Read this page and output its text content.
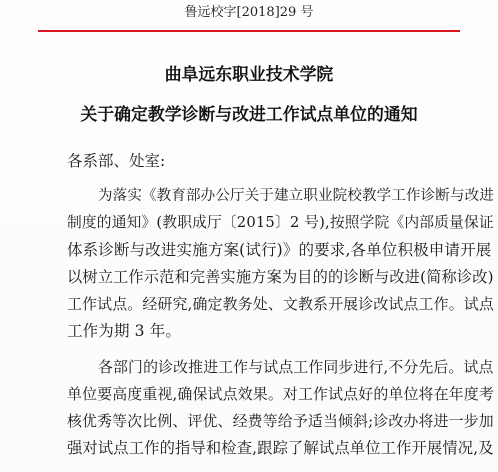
鲁远校字[2018]29 号
曲阜远东职业技术学院
关于确定教学诊断与改进工作试点单位的通知
各系部、处室:
为落实《教育部办公厅关于建立职业院校教学工作诊断与改进
制度的通知》(教职成厅〔2015〕2 号),按照学院《内部质量保证
体系诊断与改进实施方案(试行)》的要求,各单位积极申请开展
以树立工作示范和完善实施方案为目的的诊断与改进(简称诊改)
工作试点。经研究,确定教务处、文教系开展诊改试点工作。试点
工作为期 3 年。
各部门的诊改推进工作与试点工作同步进行,不分先后。试点
单位要高度重视,确保试点效果。对工作试点好的单位将在年度考
核优秀等次比例、评优、经费等给予适当倾斜;诊改办将进一步加
强对试点工作的指导和检查,跟踪了解试点单位工作开展情况,及
